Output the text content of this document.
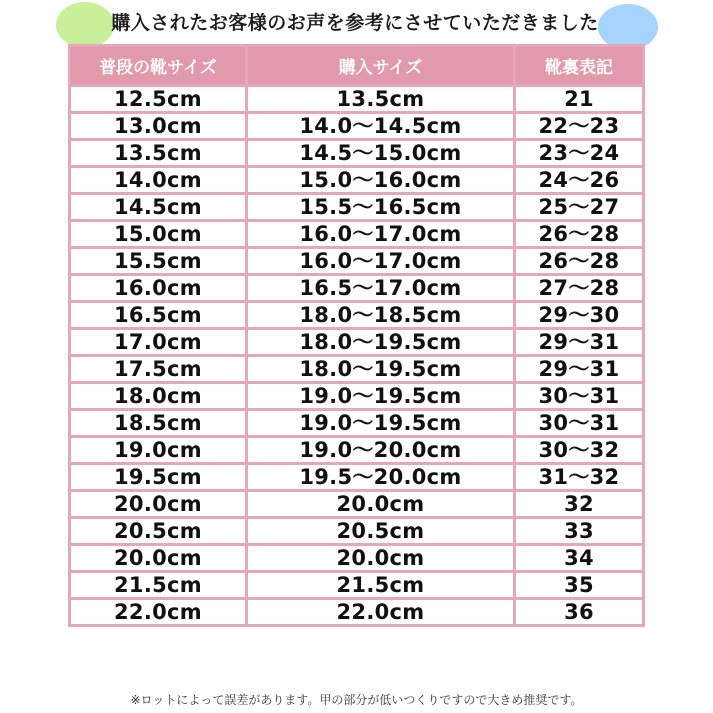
購入されたお客様のお声を参考にさせていただきました
普段の靴サイズ	購入サイズ	靴裏表記
12.5cm	13.5cm	21
13.0cm	14.0〜14.5cm	22〜23
13.5cm	14.5〜15.0cm	23〜24
14.0cm	15.0〜16.0cm	24〜26
14.5cm	15.5〜16.5cm	25〜27
15.0cm	16.0〜17.0cm	26〜28
15.5cm	16.0〜17.0cm	26〜28
16.0cm	16.5〜17.0cm	27〜28
16.5cm	18.0〜18.5cm	29〜30
17.0cm	18.0〜19.5cm	29〜31
17.5cm	18.0〜19.5cm	29〜31
18.0cm	19.0〜19.5cm	30〜31
18.5cm	19.0〜19.5cm	30〜31
19.0cm	19.0〜20.0cm	30〜32
19.5cm	19.5〜20.0cm	31〜32
20.0cm	20.0cm	32
20.5cm	20.5cm	33
20.0cm	20.0cm	34
21.5cm	21.5cm	35
22.0cm	22.0cm	36
※ロットによって誤差があります。甲の部分が低いつくりですので大きめ推奨です。
